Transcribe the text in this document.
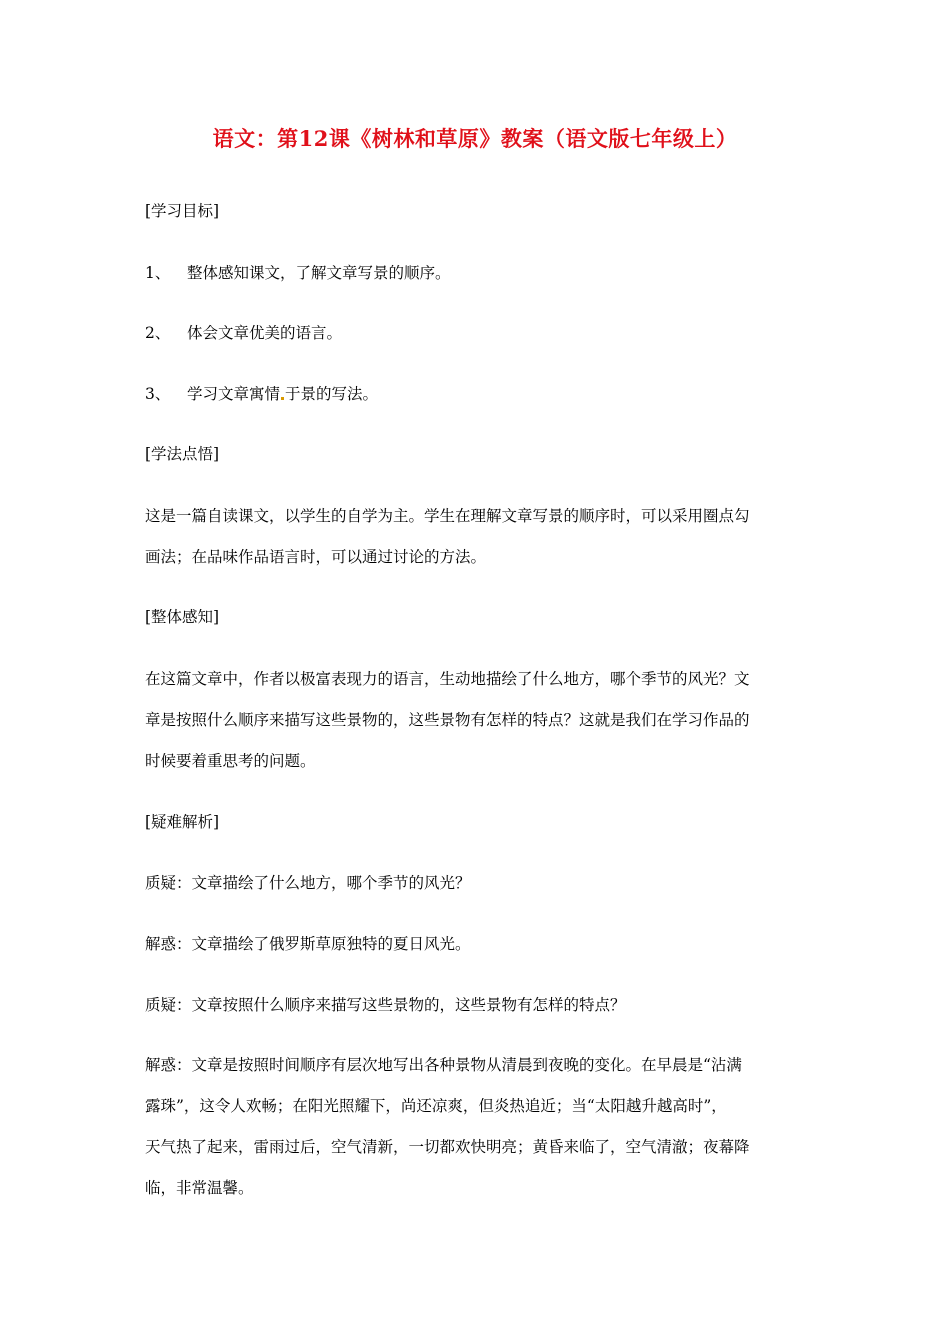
语文：第12课《树林和草原》教案（语文版七年级上）
[学习目标]
1、 整体感知课文，了解文章写景的顺序。
2、 体会文章优美的语言。
3、 学习文章寓情 于景的写法。
[学法点悟]
这是一篇自读课文，以学生的自学为主。学生在理解文章写景的顺序时，可以采用圈点勾
画法；在品味作品语言时，可以通过讨论的方法。
[整体感知]
在这篇文章中，作者以极富表现力的语言，生动地描绘了什么地方，哪个季节的风光？文
章是按照什么顺序来描写这些景物的，这些景物有怎样的特点？这就是我们在学习作品的
时候要着重思考的问题。
[疑难解析]
质疑：文章描绘了什么地方，哪个季节的风光？
解惑：文章描绘了俄罗斯草原独特的夏日风光。
质疑：文章按照什么顺序来描写这些景物的，这些景物有怎样的特点？
解惑：文章是按照时间顺序有层次地写出各种景物从清晨到夜晚的变化。在早晨是“沾满
露珠”，这令人欢畅；在阳光照耀下，尚还凉爽，但炎热追近；当“太阳越升越高时”，
天气热了起来，雷雨过后，空气清新，一切都欢快明亮；黄昏来临了，空气清澈；夜幕降
临，非常温馨。
